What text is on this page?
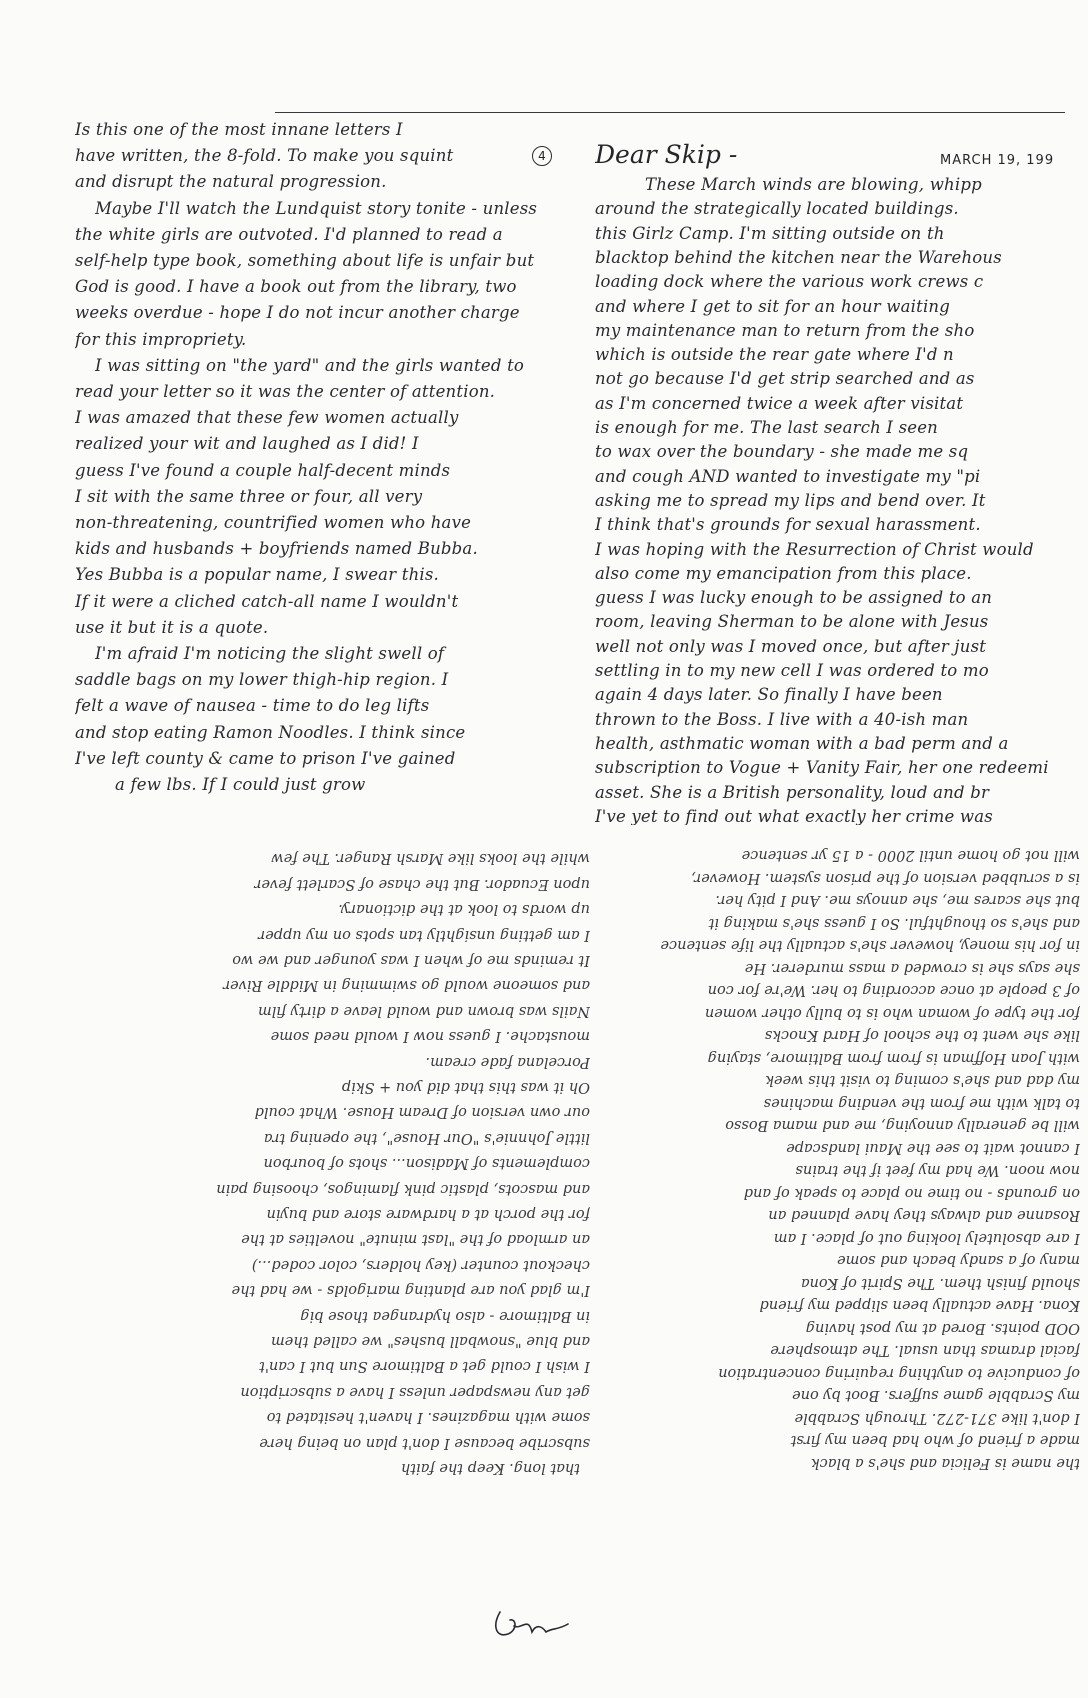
Is this one of the most innane letters I
have written, the 8-fold. To make you squint
and disrupt the natural progression.
Maybe I'll watch the Lundquist story tonite - unless
the white girls are outvoted. I'd planned to read a
self-help type book, something about life is unfair but
God is good. I have a book out from the library, two
weeks overdue - hope I do not incur another charge
for this impropriety.
I was sitting on "the yard" and the girls wanted to
read your letter so it was the center of attention.
I was amazed that these few women actually
realized your wit and laughed as I did! I
guess I've found a couple half-decent minds
I sit with the same three or four, all very
non-threatening, countrified women who have
kids and husbands + boyfriends named Bubba.
Yes Bubba is a popular name, I swear this.
If it were a cliched catch-all name I wouldn't
use it but it is a quote.
I'm afraid I'm noticing the slight swell of
saddle bags on my lower thigh-hip region. I
felt a wave of nausea - time to do leg lifts
and stop eating Ramon Noodles. I think since
I've left county & came to prison I've gained
a few lbs. If I could just grow
4 Dear Skip -	MARCH 19, 199
These March winds are blowing, whipp
around the strategically located buildings.
this Girlz Camp. I'm sitting outside on th
blacktop behind the kitchen near the Warehous
loading dock where the various work crews c
and where I get to sit for an hour waiting
my maintenance man to return from the sho
which is outside the rear gate where I'd n
not go because I'd get strip searched and as
as I'm concerned twice a week after visitat
is enough for me. The last search I seen
to wax over the boundary - she made me sq
and cough AND wanted to investigate my "pi
asking me to spread my lips and bend over. It
I think that's grounds for sexual harassment.
I was hoping with the Resurrection of Christ would
also come my emancipation from this place.
guess I was lucky enough to be assigned to an
room, leaving Sherman to be alone with Jesus
well not only was I moved once, but after just
settling in to my new cell I was ordered to mo
again 4 days later. So finally I have been
thrown to the Boss. I live with a 40-ish man
health, asthmatic woman with a bad perm and a
subscription to Vogue + Vanity Fair, her one redeemi
asset. She is a British personality, loud and br
I've yet to find out what exactly her crime was
that long. Keep the faith
subscribe because I don't plan on being here
some with magazines. I haven't hesitated to
get any newspaper unless I have a subscription
I wish I could get a Baltimore Sun but I can't
and blue "snowball bushes" we called them
in Baltimore - also hydrangea those big
I'm glad you are planting marigolds - we had the
checkout counter (key holders, color coded...)
an armload of the "last minute" novelties at the
for the porch at a hardware store and buyin
and mascots, plastic pink flamingos, choosing pain
complements of Madison... shots of bourbon
little Johnnie's "Our House", the opening tra
our own version of Dream House. What could
Oh it was this that did you + Skip
Porcelana fade cream.
moustache. I guess now I would need some
Nails was brown and would leave a dirty film
and someone would go swimming in Middle River
It reminds me of when I was younger and we wo
I am getting unsightly tan spots on my upper
up words to look at the dictionary.
upon Ecuador. But the chase of Scarlett fever
while the looks like Marsh Ranger. The few
the name is Felicia and she's a black
made a friend of who had been my first
I don't like 371-272. Through Scrabble
my Scrabble game suffers. Boot by one
of conducive to anything requiring concentration
facial dramas than usual. The atmosphere
OOD points. Bored at my post having
Kona. Have actually been slipped my friend
should finish them. The Spirit of Kona
many of a sandy beach and some
I are absolutely looking out of place. I am
Rosanne and always they have planned an
on grounds - no time no place to speak of and
now noon. We had my feet if the trains
I cannot wait to see the Maui landscape
will be generally annoying, me and mama Bosso
to talk with me from the vending machines
my dad and she's coming to visit this week
with Joan Hoffman is from from Baltimore, staying
like she went to the school of Hard Knocks
for the type of woman who is to bully other women
of 3 people at once according to her. We're for con
she says she is crowded a mass murderer. He
in for his money, however she's actually the life sentence
and she's so thoughtful. So I guess she's making it
but she scares me, she annoys me. And I pity her.
is a scrubbed version of the prison system. However,
will not go home until 2000 - a 15 yr sentence
